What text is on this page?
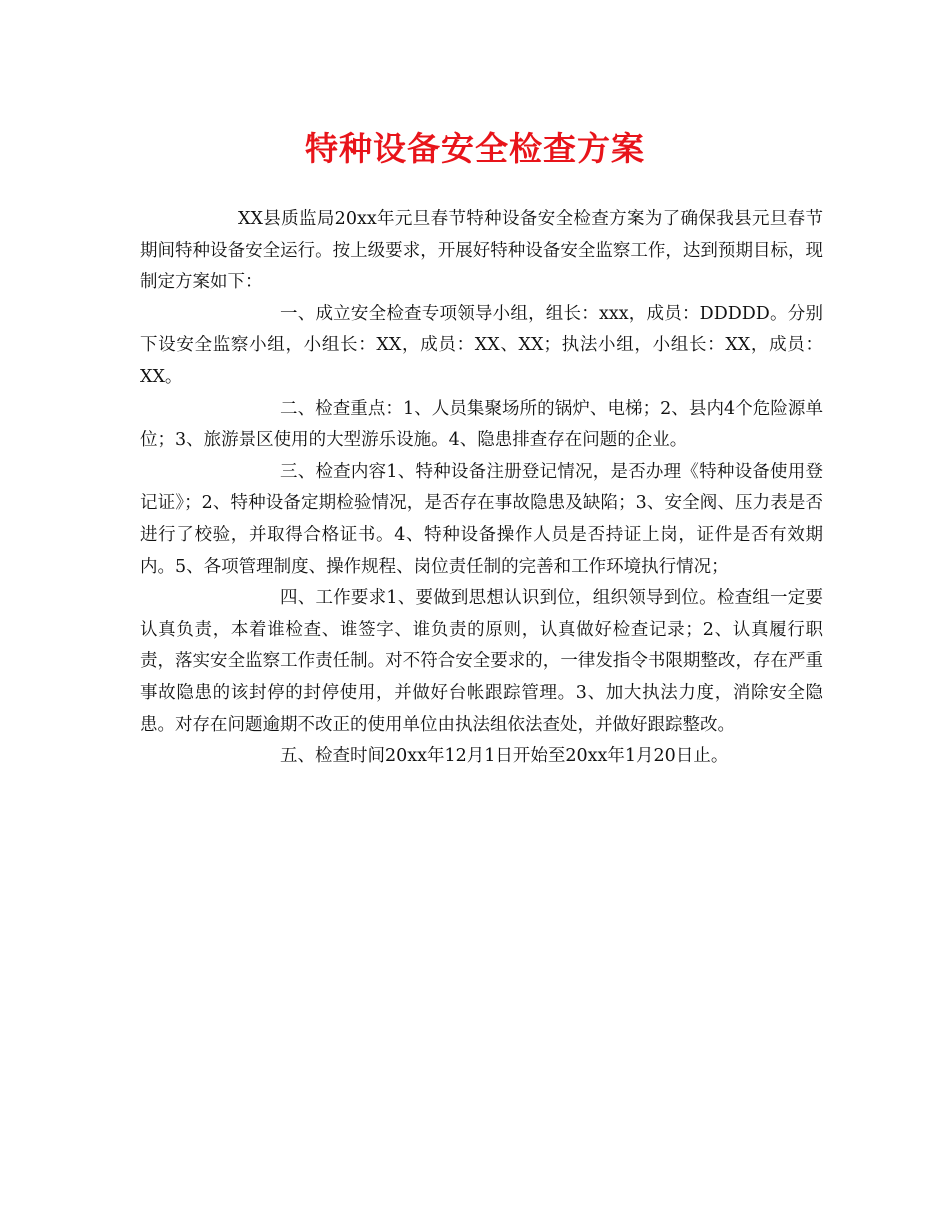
特种设备安全检查方案

XX县质监局20xx年元旦春节特种设备安全检查方案为了确保我县元旦春节期间特种设备安全运行。按上级要求，开展好特种设备安全监察工作，达到预期目标，现制定方案如下：

一、成立安全检查专项领导小组，组长：xxx，成员：DDDDD。分别下设安全监察小组，小组长：XX，成员：XX、XX；执法小组，小组长：XX，成员：XX。

二、检查重点：1、人员集聚场所的锅炉、电梯；2、县内4个危险源单位；3、旅游景区使用的大型游乐设施。4、隐患排查存在问题的企业。

三、检查内容1、特种设备注册登记情况，是否办理《特种设备使用登记证》；2、特种设备定期检验情况，是否存在事故隐患及缺陷；3、安全阀、压力表是否进行了校验，并取得合格证书。4、特种设备操作人员是否持证上岗，证件是否有效期内。5、各项管理制度、操作规程、岗位责任制的完善和工作环境执行情况；

四、工作要求1、要做到思想认识到位，组织领导到位。检查组一定要认真负责，本着谁检查、谁签字、谁负责的原则，认真做好检查记录；2、认真履行职责，落实安全监察工作责任制。对不符合安全要求的，一律发指令书限期整改，存在严重事故隐患的该封停的封停使用，并做好台帐跟踪管理。3、加大执法力度，消除安全隐患。对存在问题逾期不改正的使用单位由执法组依法查处，并做好跟踪整改。

五、检查时间20xx年12月1日开始至20xx年1月20日止。
